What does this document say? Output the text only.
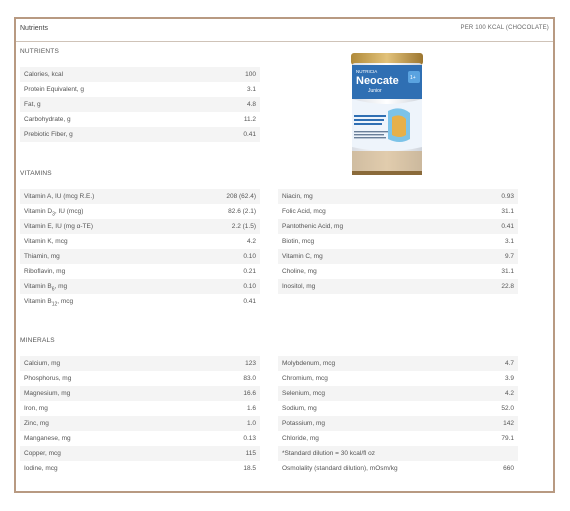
Nutrients	PER 100 KCAL (CHOCOLATE)
NUTRIENTS
Calories, kcal	100
Protein Equivalent, g	3.1
Fat, g	4.8
Carbohydrate, g	11.2
Prebiotic Fiber, g	0.41
NUTRICIA
Neocate
Junior
1+
VITAMINS
Vitamin A, IU (mcg R.E.)	208 (62.4)
Vitamin $D_3$, IU (mcg)	82.6 (2.1)
Vitamin E, IU (mg α-TE)	2.2 (1.5)
Vitamin K, mcg	4.2
Thiamin, mg	0.10
Riboflavin, mg	0.21
Vitamin $B_6$, mg	0.10
Vitamin $B_{12}$, mcg	0.41
Niacin, mg	0.93
Folic Acid, mcg	31.1
Pantothenic Acid, mg	0.41
Biotin, mcg	3.1
Vitamin C, mg	9.7
Choline, mg	31.1
Inositol, mg	22.8
MINERALS
Calcium, mg	123
Phosphorus, mg	83.0
Magnesium, mg	16.6
Iron, mg	1.6
Zinc, mg	1.0
Manganese, mg	0.13
Copper, mcg	115
Iodine, mcg	18.5
Molybdenum, mcg	4.7
Chromium, mcg	3.9
Selenium, mcg	4.2
Sodium, mg	52.0
Potassium, mg	142
Chloride, mg	79.1
*Standard dilution = 30 kcal/fl oz
Osmolality (standard dilution), mOsm/kg	660
